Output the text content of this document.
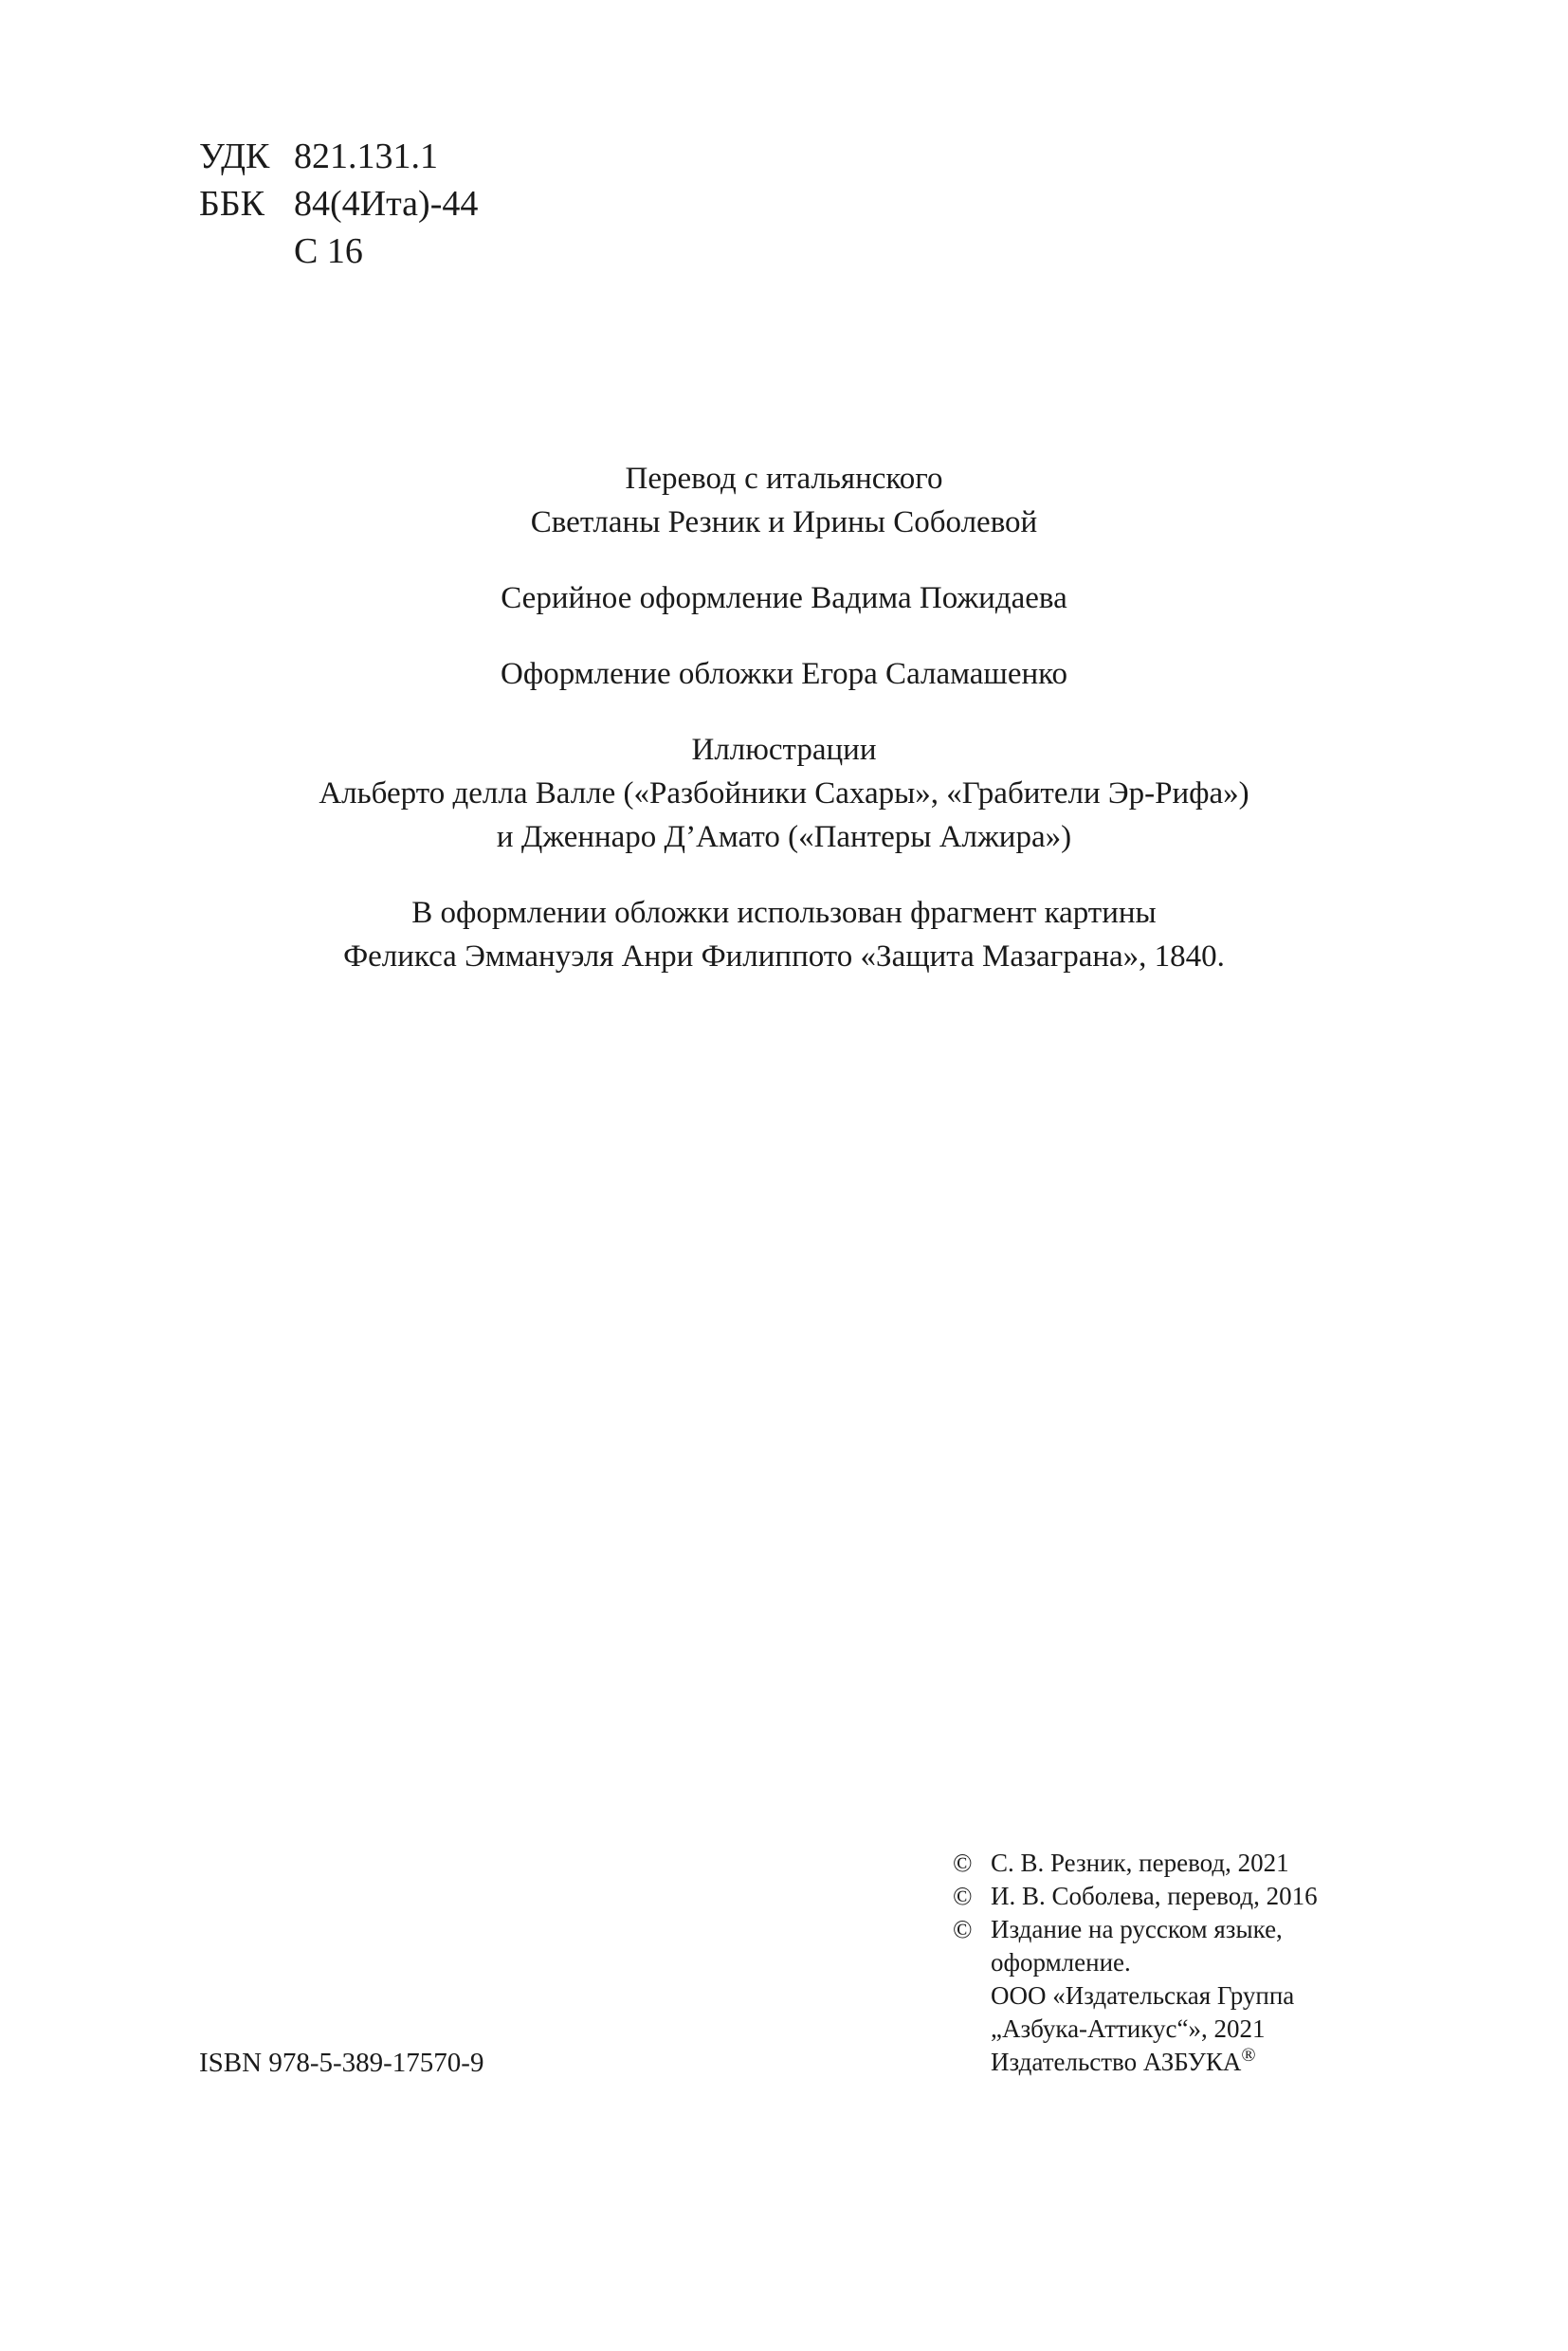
УДК 821.131.1
ББК 84(4Ита)-44
С 16
Перевод с итальянского
Светланы Резник и Ирины Соболевой
Серийное оформление Вадима Пожидаева
Оформление обложки Егора Саламашенко
Иллюстрации
Альберто делла Валле («Разбойники Сахары», «Грабители Эр-Рифа»)
и Дженнаро Д’Амато («Пантеры Алжира»)
В оформлении обложки использован фрагмент картины
Феликса Эммануэля Анри Филиппото «Защита Мазаграна», 1840.
© С. В. Резник, перевод, 2021
© И. В. Соболева, перевод, 2016
© Издание на русском языке,
оформление.
ООО «Издательская Группа
„Азбука-Аттикус“», 2021
Издательство АЗБУКА®
ISBN 978-5-389-17570-9
